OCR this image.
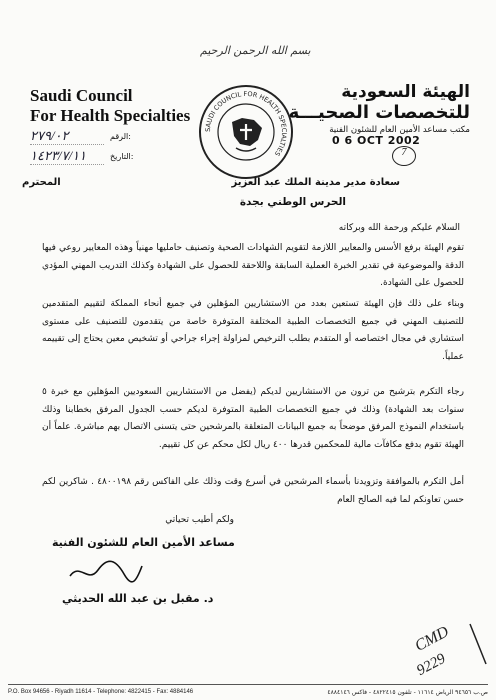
بسم الله الرحمن الرحيم
Saudi Council
For Health Specialties
الهيئة السعودية
للتخصصات الصحيـــة
مكتب مساعد الأمين العام للشئون الفنية
SAUDI COUNCIL FOR HEALTH SPECIALTIES
٢٧٩/٠٢	الرقم:
١٤٢٣/٧/١١	التاريخ:
0 6 OCT 2002
7
سعادة مدير مدينة الملك عبد العزيز
المحترم
الحرس الوطني بجدة
السلام عليكم ورحمة الله وبركاته
تقوم الهيئة برفع الأسس والمعايير اللازمة لتقويم الشهادات الصحية وتصنيف حامليها مهنياً وهذه المعايير روعي فيها الدقة والموضوعية في تقدير الخبرة العملية السابقة واللاحقة للحصول على الشهادة وكذلك التدريب المهني المؤدي للحصول على الشهادة.
وبناء على ذلك فإن الهيئة تستعين بعدد من الاستشاريين المؤهلين في جميع أنحاء المملكة لتقييم المتقدمين للتصنيف المهني في جميع التخصصات الطبية المختلفة المتوفرة خاصة من يتقدمون للتصنيف على مستوى استشاري في مجال اختصاصه أو المتقدم بطلب الترخيص لمزاولة إجراء جراحي أو تشخيص معين يحتاج إلى تقييمه عملياً.
رجاء التكرم بترشيح من ترون من الاستشاريين لديكم (يفضل من الاستشاريين السعوديين المؤهلين مع خبرة ٥ سنوات بعد الشهادة) وذلك في جميع التخصصات الطبية المتوفرة لديكم حسب الجدول المرفق بخطابنا وذلك باستخدام النموذج المرفق موضحاً به جميع البيانات المتعلقة بالمرشحين حتى يتسنى الاتصال بهم مباشرة. علماً أن الهيئة تقوم بدفع مكافآت مالية للمحكمين قدرها ٤٠٠ ريال لكل محكم عن كل تقييم.
أمل التكرم بالموافقة وتزويدنا بأسماء المرشحين في أسرع وقت وذلك على الفاكس رقم ٤٨٠٠١٩٨ . شاكرين لكم حسن تعاونكم لما فيه الصالح العام
ولكم أطيب تحياتي
مساعد الأمين العام للشئون الفنية
د. مقبل بن عبد الله الحديثي
CMD
9229
P.O. Box 94656 - Riyadh 11614 - Telephone: 4822415 - Fax: 4884146	ص.ب ٩٤٦٥٦ الرياض ١١٦١٤ - تلفون ٤٨٢٢٤١٥ - فاكس ٤٨٨٤١٤٦
